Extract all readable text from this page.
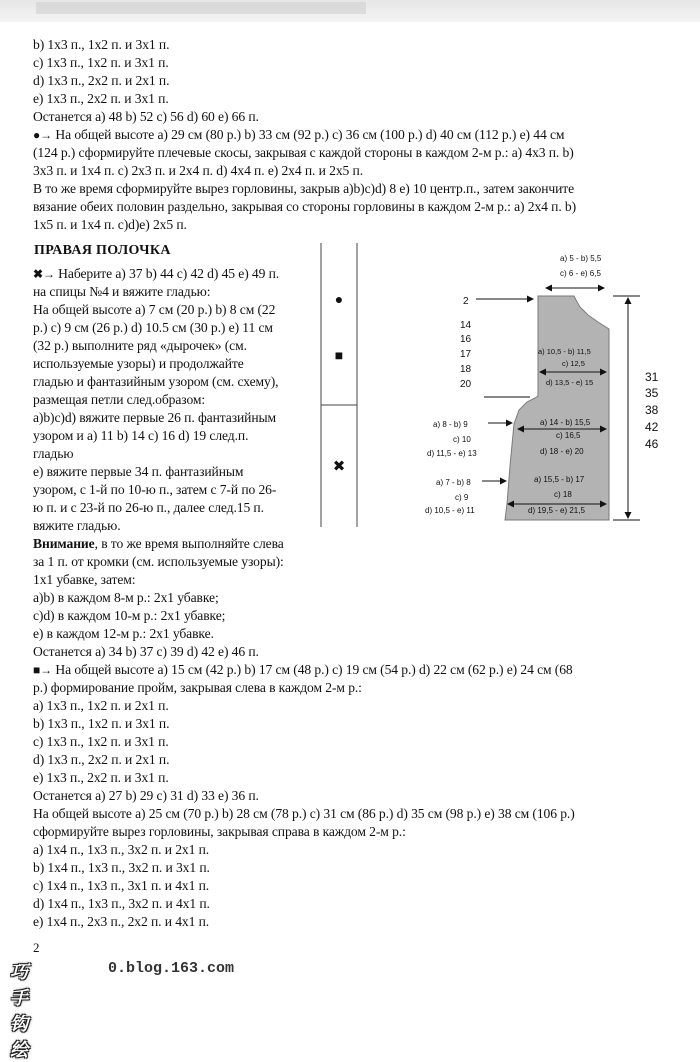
b) 1x3 п., 1x2 п. и 3x1 п.
c) 1x3 п., 1x2 п. и 3x1 п.
d) 1x3 п., 2x2 п. и 2x1 п.
e) 1x3 п., 2x2 п. и 3x1 п.
Останется a) 48 b) 52 c) 56 d) 60 e) 66 п.
●→ На общей высоте a) 29 см (80 р.) b) 33 см (92 р.) c) 36 см (100 р.) d) 40 см (112 р.) e) 44 см
(124 р.) сформируйте плечевые скосы, закрывая с каждой стороны в каждом 2-м р.: a) 4x3 п. b)
3x3 п. и 1x4 п. c) 2x3 п. и 2x4 п. d) 4x4 п. e) 2x4 п. и 2x5 п.
В то же время сформируйте вырез горловины, закрыв a)b)c)d) 8 e) 10 центр.п., затем закончите
вязание обеих половин раздельно, закрывая со стороны горловины в каждом 2-м р.: a) 2x4 п. b)
1x5 п. и 1x4 п. c)d)e) 2x5 п.
ПРАВАЯ ПОЛОЧКА
✖→ Наберите a) 37 b) 44 c) 42 d) 45 e) 49 п.
на спицы №4 и вяжите гладью:
На общей высоте a) 7 см (20 р.) b) 8 см (22
р.) c) 9 см (26 р.) d) 10.5 см (30 р.) e) 11 см
(32 р.) выполните ряд «дырочек» (см.
используемые узоры) и продолжайте
гладью и фантазийным узором (см. схему),
размещая петли след.образом:
a)b)c)d) вяжите первые 26 п. фантазийным
узором и a) 11 b) 14 c) 16 d) 19 след.п.
гладью
e) вяжите первые 34 п. фантазийным
узором, с 1-й по 10-ю п., затем с 7-й по 26-
ю п. и с 23-й по 26-ю п., далее след.15 п.
вяжите гладью.
Внимание, в то же время выполняйте слева
за 1 п. от кромки (см. используемые узоры):
1x1 убавке, затем:
a)b) в каждом 8-м р.: 2x1 убавке;
c)d) в каждом 10-м р.: 2x1 убавке;
e) в каждом 12-м р.: 2x1 убавке.
Останется a) 34 b) 37 c) 39 d) 42 e) 46 п.
■→ На общей высоте a) 15 см (42 р.) b) 17 см (48 р.) c) 19 см (54 р.) d) 22 см (62 р.) e) 24 см (68
р.) формирование пройм, закрывая слева в каждом 2-м р.:
a) 1x3 п., 1x2 п. и 2x1 п.
b) 1x3 п., 1x2 п. и 3x1 п.
c) 1x3 п., 1x2 п. и 3x1 п.
d) 1x3 п., 2x2 п. и 2x1 п.
e) 1x3 п., 2x2 п. и 3x1 п.
Останется a) 27 b) 29 c) 31 d) 33 e) 36 п.
На общей высоте a) 25 см (70 р.) b) 28 см (78 р.) c) 31 см (86 р.) d) 35 см (98 р.) e) 38 см (106 р.)
сформируйте вырез горловины, закрывая справа в каждом 2-м р.:
a) 1x4 п., 1x3 п., 3x2 п. и 2x1 п.
b) 1x4 п., 1x3 п., 3x2 п. и 3x1 п.
c) 1x4 п., 1x3 п., 3x1 п. и 4x1 п.
d) 1x4 п., 1x3 п., 3x2 п. и 4x1 п.
e) 1x4 п., 2x3 п., 2x2 п. и 4x1 п.
●
■
✖
a) 5 - b) 5,5
c) 6 - e) 6,5
2
14
16
17
18
20
31
35
38
42
46
a) 10,5 - b) 11,5
c) 12,5
d) 13,5 - e) 15
a) 14 - b) 15,5
c) 16,5
d) 18 - e) 20
a) 15,5 - b) 17
c) 18
d) 19,5 - e) 21,5
a) 8 - b) 9
c) 10
d) 11,5 - e) 13
a) 7 - b) 8
c) 9
d) 10,5 - e) 11
2
巧手钩绘
0.blog.163.com
